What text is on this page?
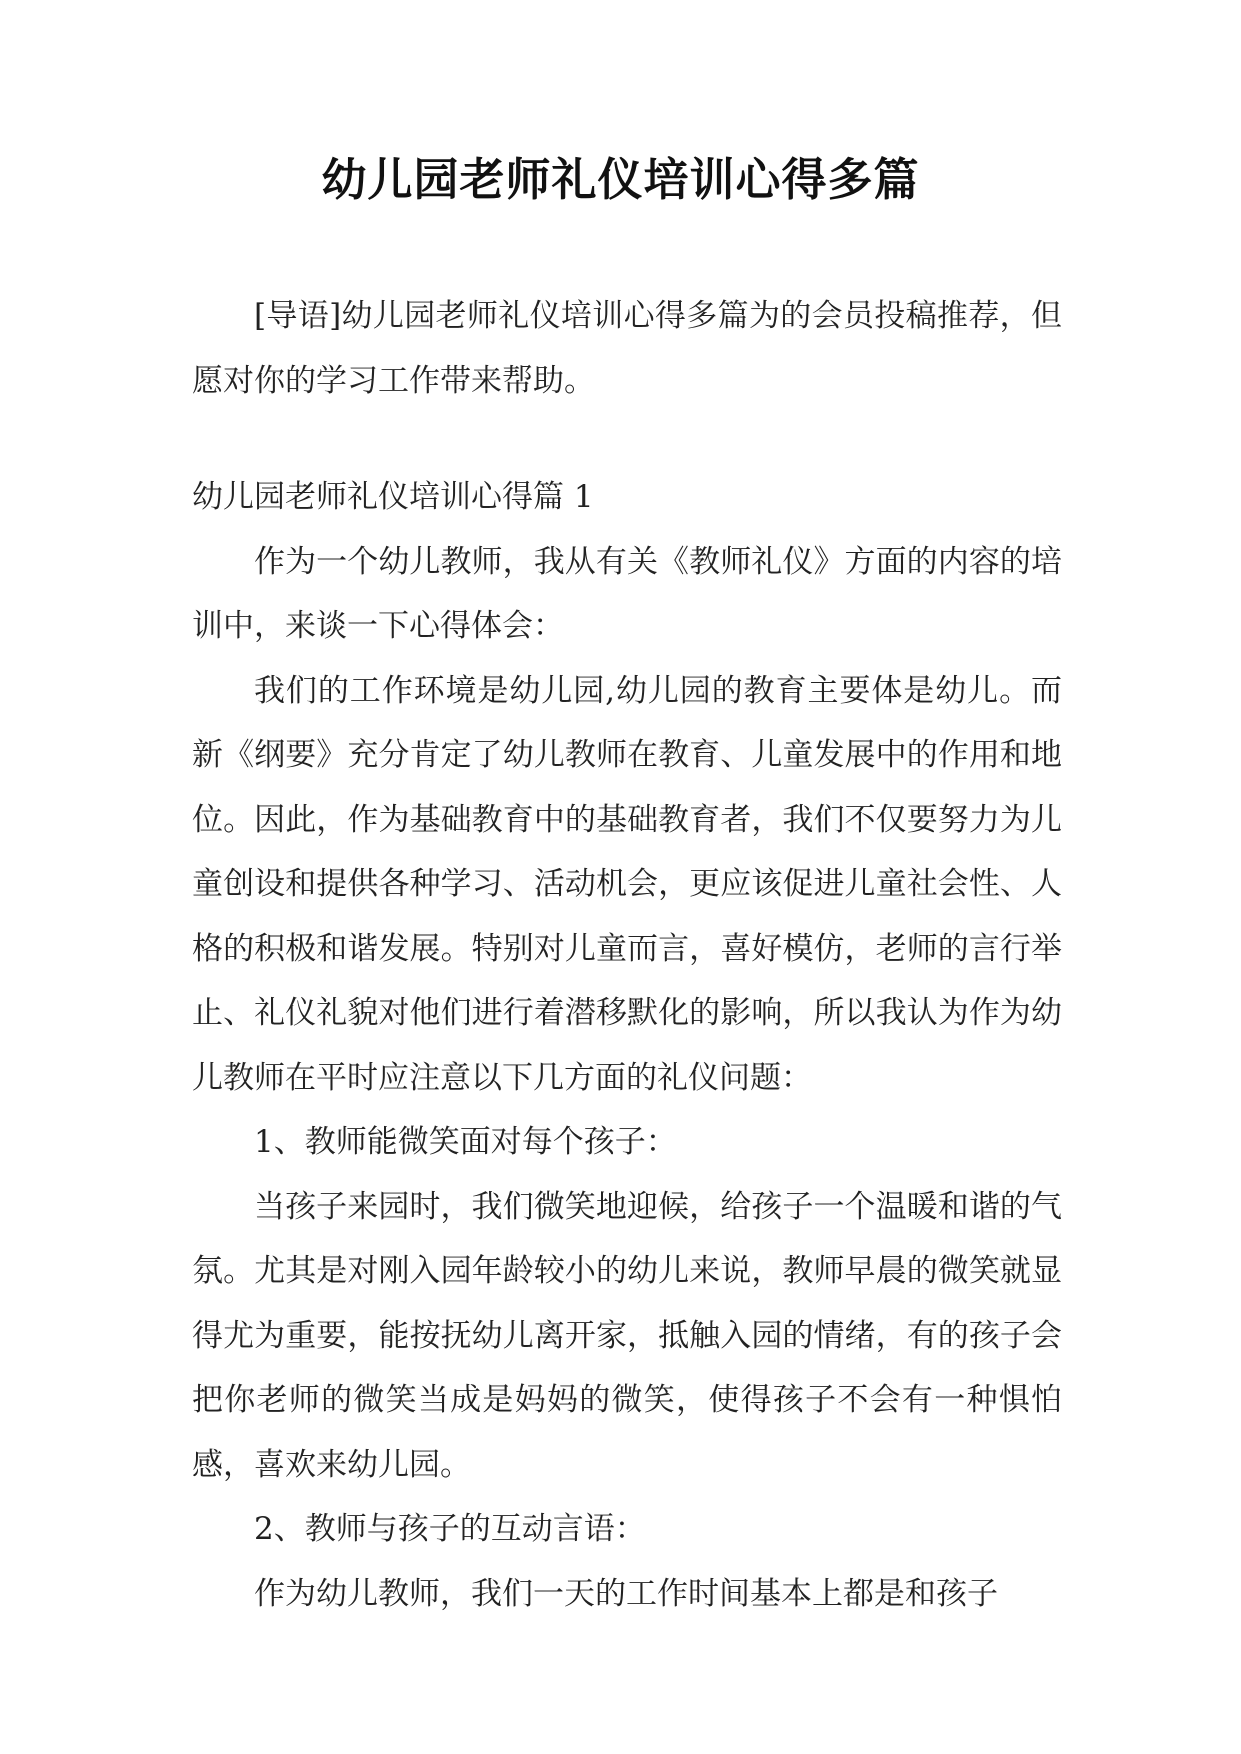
幼儿园老师礼仪培训心得多篇

[导语]幼儿园老师礼仪培训心得多篇为的会员投稿推荐，但愿对你的学习工作带来帮助。

幼儿园老师礼仪培训心得篇 1

作为一个幼儿教师，我从有关《教师礼仪》方面的内容的培训中，来谈一下心得体会：

我们的工作环境是幼儿园,幼儿园的教育主要体是幼儿。而新《纲要》充分肯定了幼儿教师在教育、儿童发展中的作用和地位。因此，作为基础教育中的基础教育者，我们不仅要努力为儿童创设和提供各种学习、活动机会，更应该促进儿童社会性、人格的积极和谐发展。特别对儿童而言，喜好模仿，老师的言行举止、礼仪礼貌对他们进行着潜移默化的影响，所以我认为作为幼儿教师在平时应注意以下几方面的礼仪问题：

1、教师能微笑面对每个孩子：

当孩子来园时，我们微笑地迎候，给孩子一个温暖和谐的气氛。尤其是对刚入园年龄较小的幼儿来说，教师早晨的微笑就显得尤为重要，能按抚幼儿离开家，抵触入园的情绪，有的孩子会把你老师的微笑当成是妈妈的微笑，使得孩子不会有一种惧怕感，喜欢来幼儿园。

2、教师与孩子的互动言语：

作为幼儿教师，我们一天的工作时间基本上都是和孩子
